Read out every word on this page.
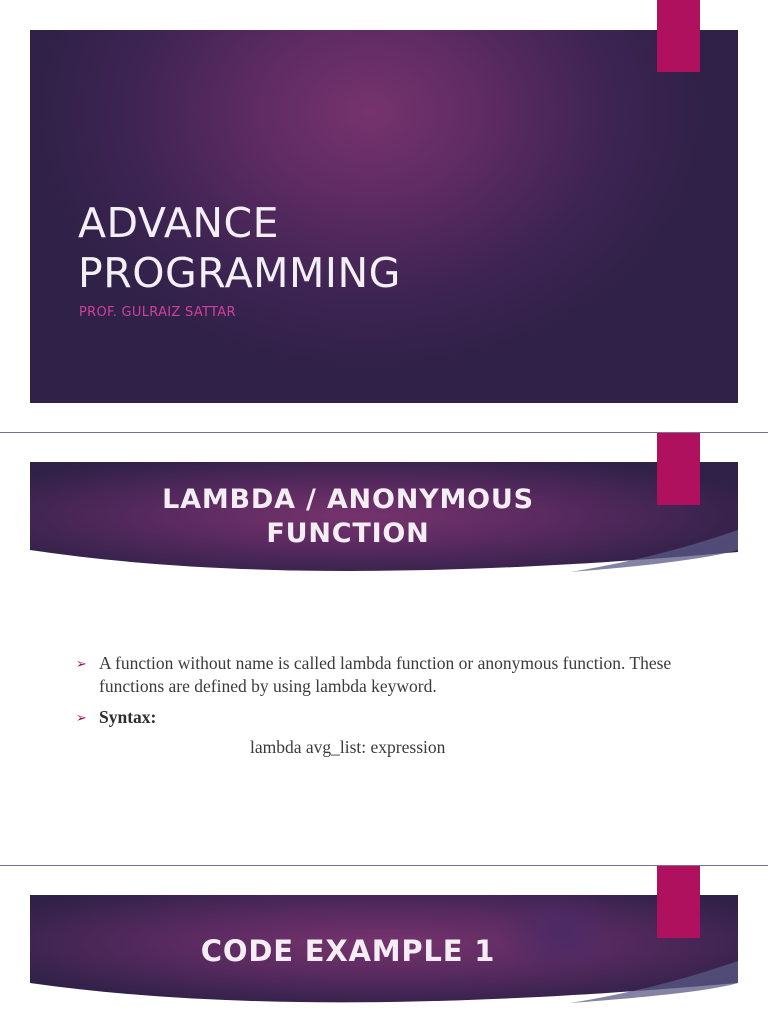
ADVANCE
PROGRAMMING
PROF. GULRAIZ SATTAR
LAMBDA / ANONYMOUS
FUNCTION
➢ A function without name is called lambda function or anonymous function. These functions are defined by using lambda keyword.
➢ Syntax:
lambda avg_list: expression
CODE EXAMPLE 1
